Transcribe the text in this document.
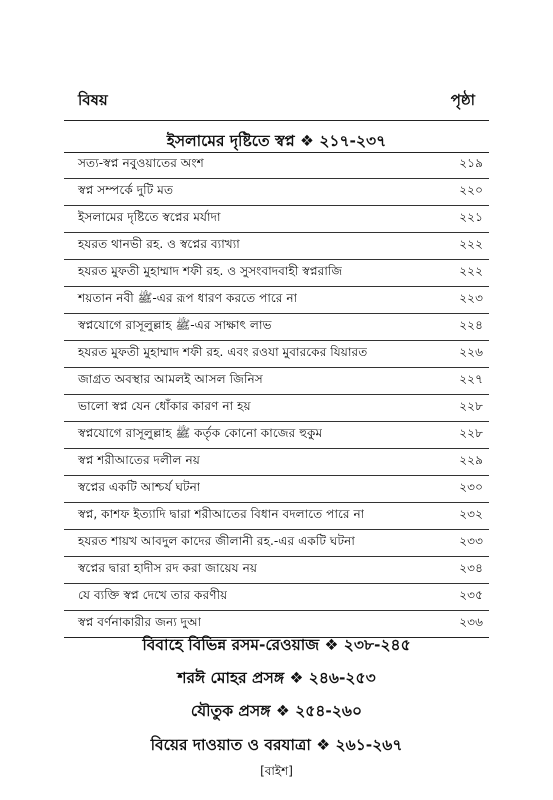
বিষয়	পৃষ্ঠা
ইসলামের দৃষ্টিতে স্বপ্ন ❖ ২১৭-২৩৭
সত্য-স্বপ্ন নবুওয়াতের অংশ	২১৯
স্বপ্ন সম্পর্কে দুটি মত	২২০
ইসলামের দৃষ্টিতে স্বপ্নের মর্যাদা	২২১
হযরত থানভী রহ. ও স্বপ্নের ব্যাখ্যা	২২২
হযরত মুফতী মুহাম্মাদ শফী রহ. ও সুসংবাদবাহী স্বপ্নরাজি	২২২
শয়তান নবী ﷺ-এর রূপ ধারণ করতে পারে না	২২৩
স্বপ্নযোগে রাসূলুল্লাহ ﷺ-এর সাক্ষাৎ লাভ	২২৪
হযরত মুফতী মুহাম্মাদ শফী রহ. এবং রওযা মুবারকের যিয়ারত	২২৬
জাগ্রত অবস্থার আমলই আসল জিনিস	২২৭
ভালো স্বপ্ন যেন ধোঁকার কারণ না হয়	২২৮
স্বপ্নযোগে রাসূলুল্লাহ ﷺ কর্তৃক কোনো কাজের হুকুম	২২৮
স্বপ্ন শরীআতের দলীল নয়	২২৯
স্বপ্নের একটি আশ্চর্য ঘটনা	২৩০
স্বপ্ন, কাশফ ইত্যাদি দ্বারা শরীআতের বিধান বদলাতে পারে না	২৩২
হযরত শায়খ আবদুল কাদের জীলানী রহ.-এর একটি ঘটনা	২৩৩
স্বপ্নের দ্বারা হাদীস রদ করা জায়েয নয়	২৩৪
যে ব্যক্তি স্বপ্ন দেখে তার করণীয়	২৩৫
স্বপ্ন বর্ণনাকারীর জন্য দুআ	২৩৬
বিবাহে বিভিন্ন রসম-রেওয়াজ ❖ ২৩৮-২৪৫
শরঈ মোহর প্রসঙ্গ ❖ ২৪৬-২৫৩
যৌতুক প্রসঙ্গ ❖ ২৫৪-২৬০
বিয়ের দাওয়াত ও বরযাত্রা ❖ ২৬১-২৬৭
[বাইশ]
